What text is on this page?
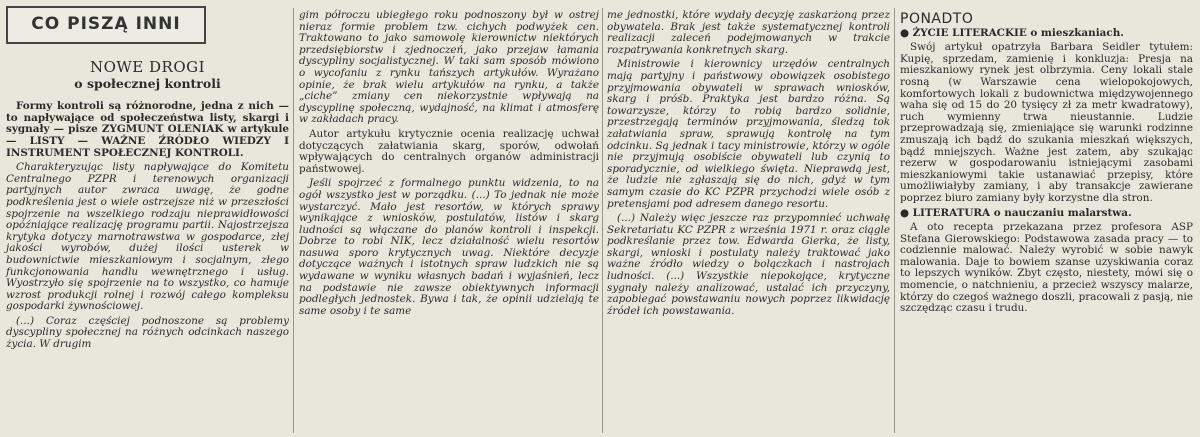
CO PISZĄ INNI
NOWE DROGI
o społecznej kontroli

Formy kontroli są różnorodne, jedna z nich — to napływające od społeczeństwa listy, skargi i sygnały — pisze ZYGMUNT OLENIAK w artykule — LISTY — WAŻNE ŹRÓDŁO WIEDZY I INSTRUMENT SPOŁECZNEJ KONTROLI.

Charakteryzując listy napływające do Komitetu Centralnego PZPR i terenowych organizacji partyjnych autor zwraca uwagę, że godne podkreślenia jest o wiele ostrzejsze niż w przeszłości spojrzenie na wszelkiego rodzaju nieprawidłowości opóźniające realizację programu partii. Najostrzejsza krytyka dotyczy marnotrawstwa w gospodarce, złej jakości wyrobów, dużej ilości usterek w budownictwie mieszkaniowym i socjalnym, złego funkcjonowania handlu wewnętrznego i usług. Wyostrzyło się spojrzenie na to wszystko, co hamuje wzrost produkcji rolnej i rozwój całego kompleksu gospodarki żywnościowej.

(...) Coraz częściej podnoszone są problemy dyscypliny społecznej na różnych odcinkach naszego życia. W drugim

gim półroczu ubiegłego roku podnoszony był w ostrej nieraz formie problem tzw. cichych podwyżek cen. Traktowano to jako samowolę kierownictw niektórych przedsiębiorstw i zjednoczeń, jako przejaw łamania dyscypliny socjalistycznej. W taki sam sposób mówiono o wycofaniu z rynku tańszych artykułów. Wyrażano opinie, że brak wielu artykułów na rynku, a także „ciche” zmiany cen niekorzystnie wpływają na dyscyplinę społeczną, wydajność, na klimat i atmosferę w zakładach pracy.

Autor artykułu krytycznie ocenia realizację uchwał dotyczących załatwiania skarg, sporów, odwołań wpływających do centralnych organów administracji państwowej.

Jeśli spojrzeć z formalnego punktu widzenia, to na ogół wszystko jest w porządku. (...) To jednak nie może wystarczyć. Mało jest resortów, w których sprawy wynikające z wniosków, postulatów, listów i skarg ludności są włączane do planów kontroli i inspekcji. Dobrze to robi NIK, lecz działalność wielu resortów nasuwa sporo krytycznych uwag. Niektóre decyzje dotyczące ważnych i istotnych spraw ludzkich nie są wydawane w wyniku własnych badań i wyjaśnień, lecz na podstawie nie zawsze obiektywnych informacji podległych jednostek. Bywa i tak, że opinii udzielają te same osoby i te same

me jednostki, które wydały decyzję zaskarżoną przez obywatela. Brak jest także systematycznej kontroli realizacji zaleceń podejmowanych w trakcie rozpatrywania konkretnych skarg.

Ministrowie i kierownicy urzędów centralnych mają partyjny i państwowy obowiązek osobistego przyjmowania obywateli w sprawach wniosków, skarg i próśb. Praktyka jest bardzo różna. Są towarzysze, którzy to robią bardzo solidnie, przestrzegają terminów przyjmowania, śledzą tok załatwiania spraw, sprawują kontrolę na tym odcinku. Są jednak i tacy ministrowie, którzy w ogóle nie przyjmują osobiście obywateli lub czynią to sporadycznie, od wielkiego święta. Nieprawdą jest, że ludzie nie zgłaszają się do nich, gdyż w tym samym czasie do KC PZPR przychodzi wiele osób z pretensjami pod adresem danego resortu.

(...) Należy więc jeszcze raz przypomnieć uchwałę Sekretariatu KC PZPR z września 1971 r. oraz ciągle podkreślanie przez tow. Edwarda Gierka, że listy, skargi, wnioski i postulaty należy traktować jako ważne źródło wiedzy o bolączkach i nastrojach ludności. (...) Wszystkie niepokojące, krytyczne sygnały należy analizować, ustalać ich przyczyny, zapobiegać powstawaniu nowych poprzez likwidację źródeł ich powstawania.

PONADTO

● ŻYCIE LITERACKIE o mieszkaniach.

Swój artykuł opatrzyła Barbara Seidler tytułem: Kupię, sprzedam, zamienię i konkluzja: Presja na mieszkaniowy rynek jest olbrzymia. Ceny lokali stale rosną (w Warszawie cena wielopokojowych, komfortowych lokali z budownictwa międzywojennego waha się od 15 do 20 tysięcy zł za metr kwadratowy), ruch wymienny trwa nieustannie. Ludzie przeprowadzają się, zmieniające się warunki rodzinne zmuszają ich bądź do szukania mieszkań większych, bądź mniejszych. Ważne jest zatem, aby szukając rezerw w gospodarowaniu istniejącymi zasobami mieszkaniowymi takie ustanawiać przepisy, które umożliwiałyby zamiany, i aby transakcje zawierane poprzez biuro zamiany były korzystne dla stron.

● LITERATURA o nauczaniu malarstwa.

A oto recepta przekazana przez profesora ASP Stefana Gierowskiego: Podstawowa zasada pracy — to codziennie malować. Należy wyrobić w sobie nawyk malowania. Daje to bowiem szanse uzyskiwania coraz to lepszych wyników. Zbyt często, niestety, mówi się o momencie, o natchnieniu, a przecież wszyscy malarze, którzy do czegoś ważnego doszli, pracowali z pasją, nie szczędząc czasu i trudu.
